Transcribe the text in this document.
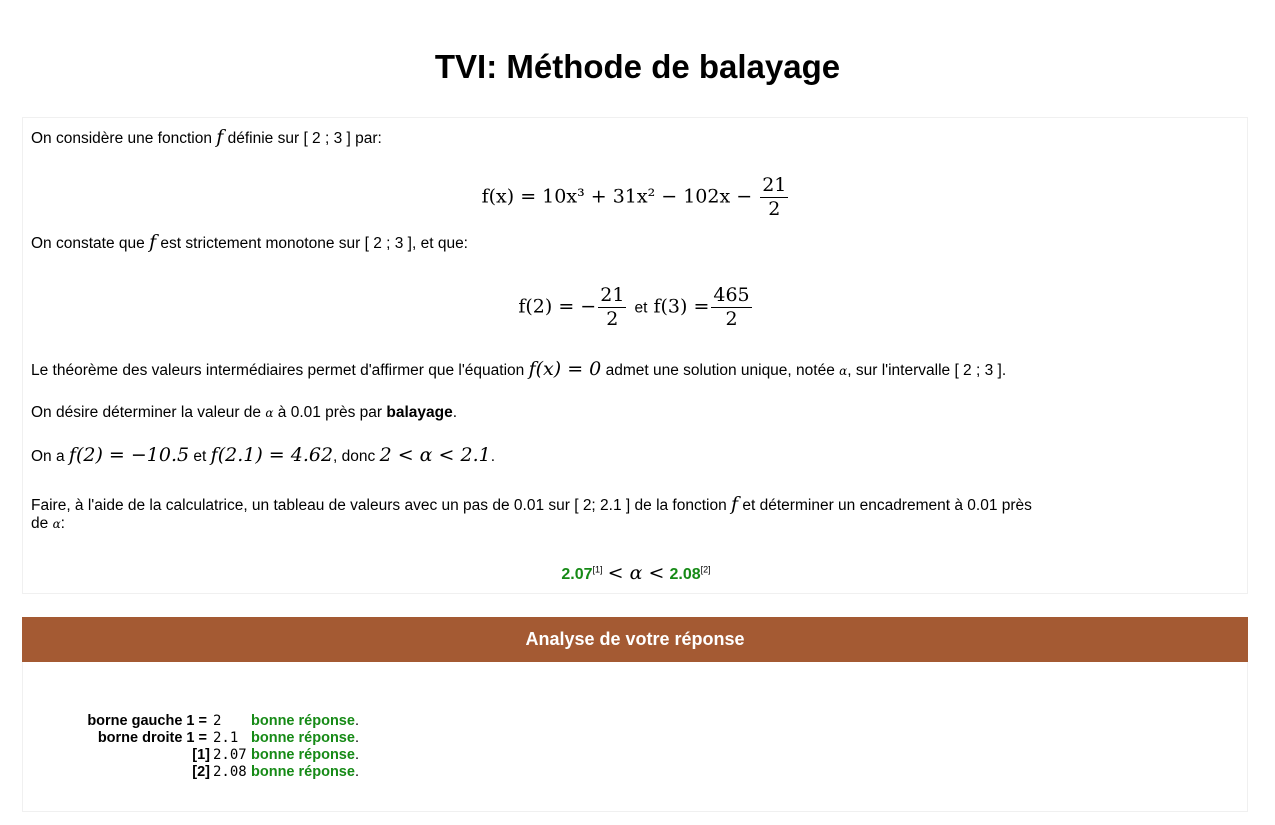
TVI: Méthode de balayage
On considère une fonction f définie sur [ 2 ; 3 ] par:
$f(x) = 10x^3 + 31x^2 - 102x - \frac{21}{2}$
On constate que f est strictement monotone sur [ 2 ; 3 ], et que:
f(2) = − $\frac{21}{2}$ et $f(3) = \frac{465}{2}$
Le théorème des valeurs intermédiaires permet d'affirmer que l'équation f(x) = 0 admet une solution unique, notée α, sur l'intervalle [ 2 ; 3 ].
On désire déterminer la valeur de α à 0.01 près par balayage.
On a f(2) = −10.5 et f(2.1) = 4.62, donc 2 < α < 2.1.
Faire, à l'aide de la calculatrice, un tableau de valeurs avec un pas de 0.01 sur [ 2; 2.1 ] de la fonction f et déterminer un encadrement à 0.01 près
de α:
2.07[1] < α < 2.08[2]
Analyse de votre réponse
borne gauche 1 = 2 bonne réponse.
borne droite 1 = 2.1 bonne réponse.
[1] 2.07 bonne réponse.
[2] 2.08 bonne réponse.
